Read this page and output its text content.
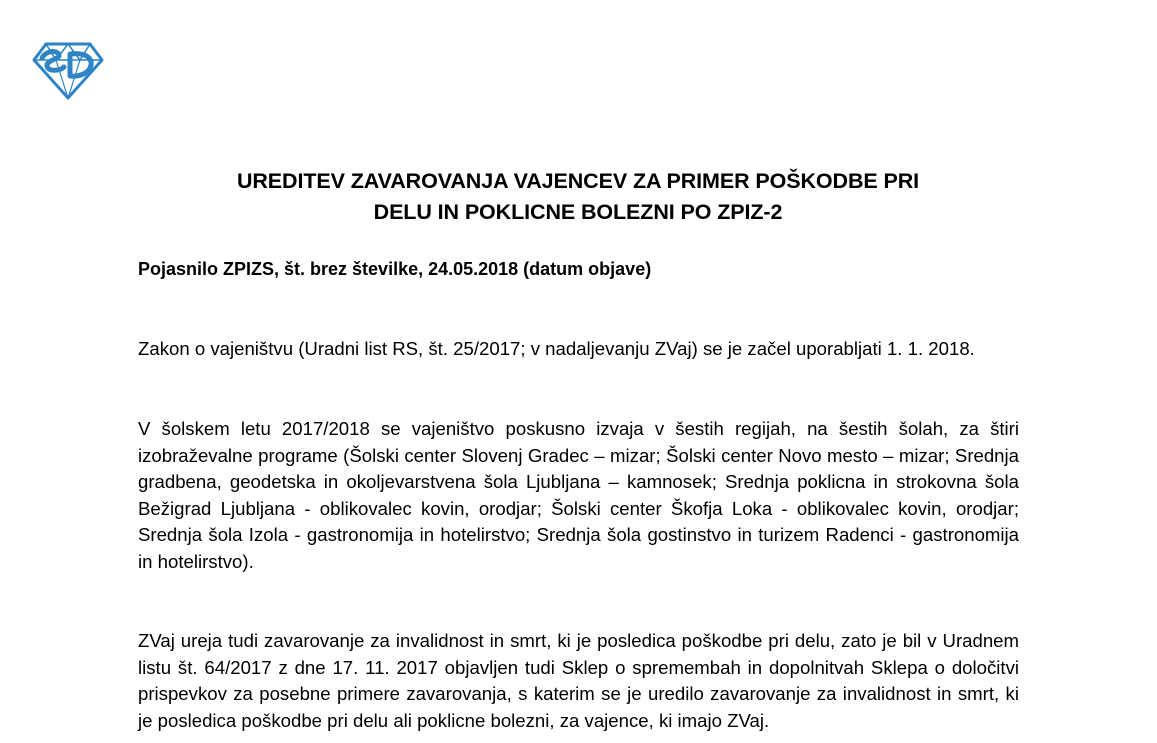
UREDITEV ZAVAROVANJA VAJENCEV ZA PRIMER POŠKODBE PRI
DELU IN POKLICNE BOLEZNI PO ZPIZ-2

Pojasnilo ZPIZS, št. brez številke, 24.05.2018 (datum objave)

Zakon o vajeništvu (Uradni list RS, št. 25/2017; v nadaljevanju ZVaj) se je začel uporabljati 1. 1. 2018.

V šolskem letu 2017/2018 se vajeništvo poskusno izvaja v šestih regijah, na šestih šolah, za štiri izobraževalne programe (Šolski center Slovenj Gradec – mizar; Šolski center Novo mesto – mizar; Srednja gradbena, geodetska in okoljevarstvena šola Ljubljana – kamnosek; Srednja poklicna in strokovna šola Bežigrad Ljubljana - oblikovalec kovin, orodjar; Šolski center Škofja Loka - oblikovalec kovin, orodjar; Srednja šola Izola - gastronomija in hotelirstvo; Srednja šola gostinstvo in turizem Radenci - gastronomija in hotelirstvo).

ZVaj ureja tudi zavarovanje za invalidnost in smrt, ki je posledica poškodbe pri delu, zato je bil v Uradnem listu št. 64/2017 z dne 17. 11. 2017 objavljen tudi Sklep o spremembah in dopolnitvah Sklepa o določitvi prispevkov za posebne primere zavarovanja, s katerim se je uredilo zavarovanje za invalidnost in smrt, ki je posledica poškodbe pri delu ali poklicne bolezni, za vajence, ki imajo ZVaj.
